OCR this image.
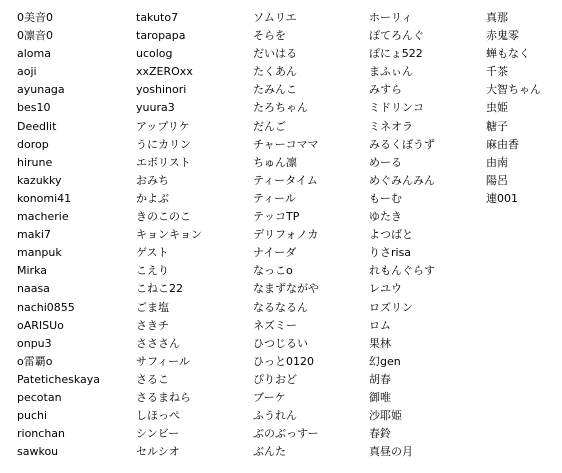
0美音0
0凛音0
aloma
aoji
ayunaga
bes10
Deedlit
dorop
hirune
kazukky
konomi41
macherie
maki7
manpuk
Mirka
naasa
nachi0855
oARISUo
onpu3
o雷覇o
Pateticheskaya
pecotan
puchi
rionchan
sawkou
takuto7
taropapa
ucolog
xxZEROxx
yoshinori
yuura3
アップリケ
うにカリン
エボリスト
おみち
かよぶ
きのこのこ
キョンキョン
ゲスト
こえり
こねこ22
ごま塩
さきチ
さささん
サフィール
さるこ
さるまねら
しほっぺ
シンビー
セルシオ
ソムリエ
そらを
だいはる
たくあん
たみんこ
たろちゃん
だんご
チャーコママ
ちゅん凛
ティータイム
ティール
テッコTP
デリフォノカ
ナイーダ
なっこo
なまずながや
なるなるん
ネズミー
ひつじるい
ひっと0120
ぴりおど
ブーケ
ふうれん
ぶのぶっすー
ぶんた
ホーリィ
ぽてろんぐ
ぽにょ522
まふぃん
みすら
ミドリンコ
ミネオラ
みるくぼうず
めーる
めぐみんみん
もーむ
ゆたき
よつばと
りさrisa
れもんぐらす
レユウ
ロズリン
ロム
果林
幻gen
胡春
御唯
沙耶姫
春鈴
真昼の月
真那
赤鬼零
蝉もなく
千茶
大智ちゃん
虫姫
糖子
麻由香
由南
陽呂
連001
